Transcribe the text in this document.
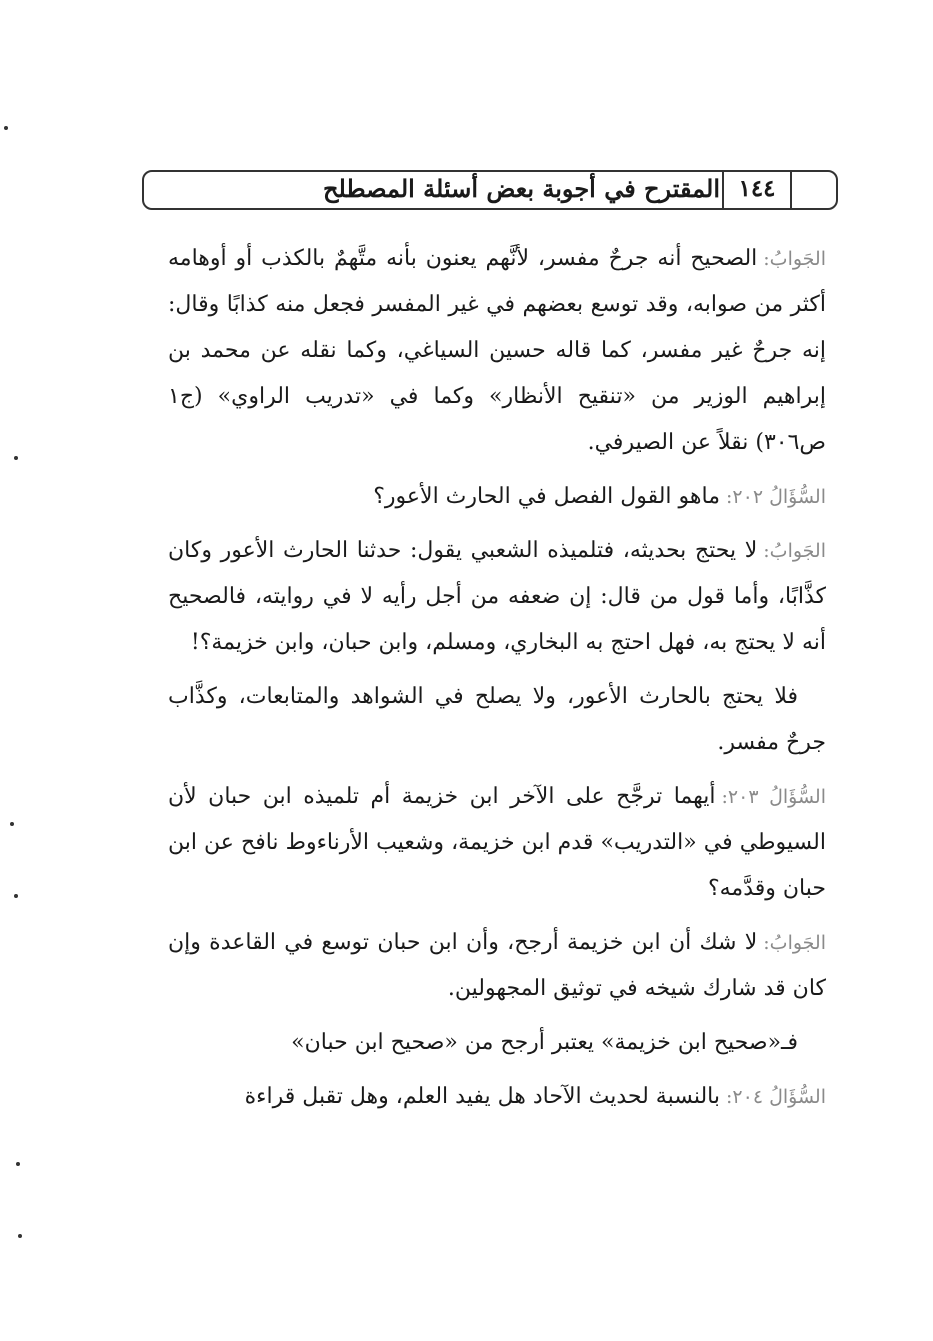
المقترح في أجوبة بعض أسئلة المصطلح ١٤٤

الجَوابُ:الصحيح أنه جرحٌ مفسر، لأنَّهم يعنون بأنه متَّهمٌ بالكذب أو أوهامه أكثر من صوابه، وقد توسع بعضهم في غير المفسر فجعل منه كذابًا وقال: إنه جرحٌ غير مفسر، كما قاله حسين السياغي، وكما نقله عن محمد بن إبراهيم الوزير من «تنقيح الأنظار» وكما في «تدريب الراوي» (ج١ ص٣٠٦) نقلاً عن الصيرفي.

السُّؤَالُ ٢٠٢:ماهو القول الفصل في الحارث الأعور؟

الجَوابُ:لا يحتج بحديثه، فتلميذه الشعبي يقول: حدثنا الحارث الأعور وكان كذَّابًا، وأما قول من قال: إن ضعفه من أجل رأيه لا في روايته، فالصحيح أنه لا يحتج به، فهل احتج به البخاري، ومسلم، وابن حبان، وابن خزيمة؟!

فلا يحتج بالحارث الأعور، ولا يصلح في الشواهد والمتابعات، وكذَّاب جرحٌ مفسر.

السُّؤَالُ ٢٠٣:أيهما ترجَّح على الآخر ابن خزيمة أم تلميذه ابن حبان لأن السيوطي في «التدريب» قدم ابن خزيمة، وشعيب الأرناءوط نافح عن ابن حبان وقدَّمه؟

الجَوابُ:لا شك أن ابن خزيمة أرجح، وأن ابن حبان توسع في القاعدة وإن كان قد شارك شيخه في توثيق المجهولين.

فـ«صحيح ابن خزيمة» يعتبر أرجح من «صحيح ابن حبان»

السُّؤَالُ ٢٠٤:بالنسبة لحديث الآحاد هل يفيد العلم، وهل تقبل قراءة
